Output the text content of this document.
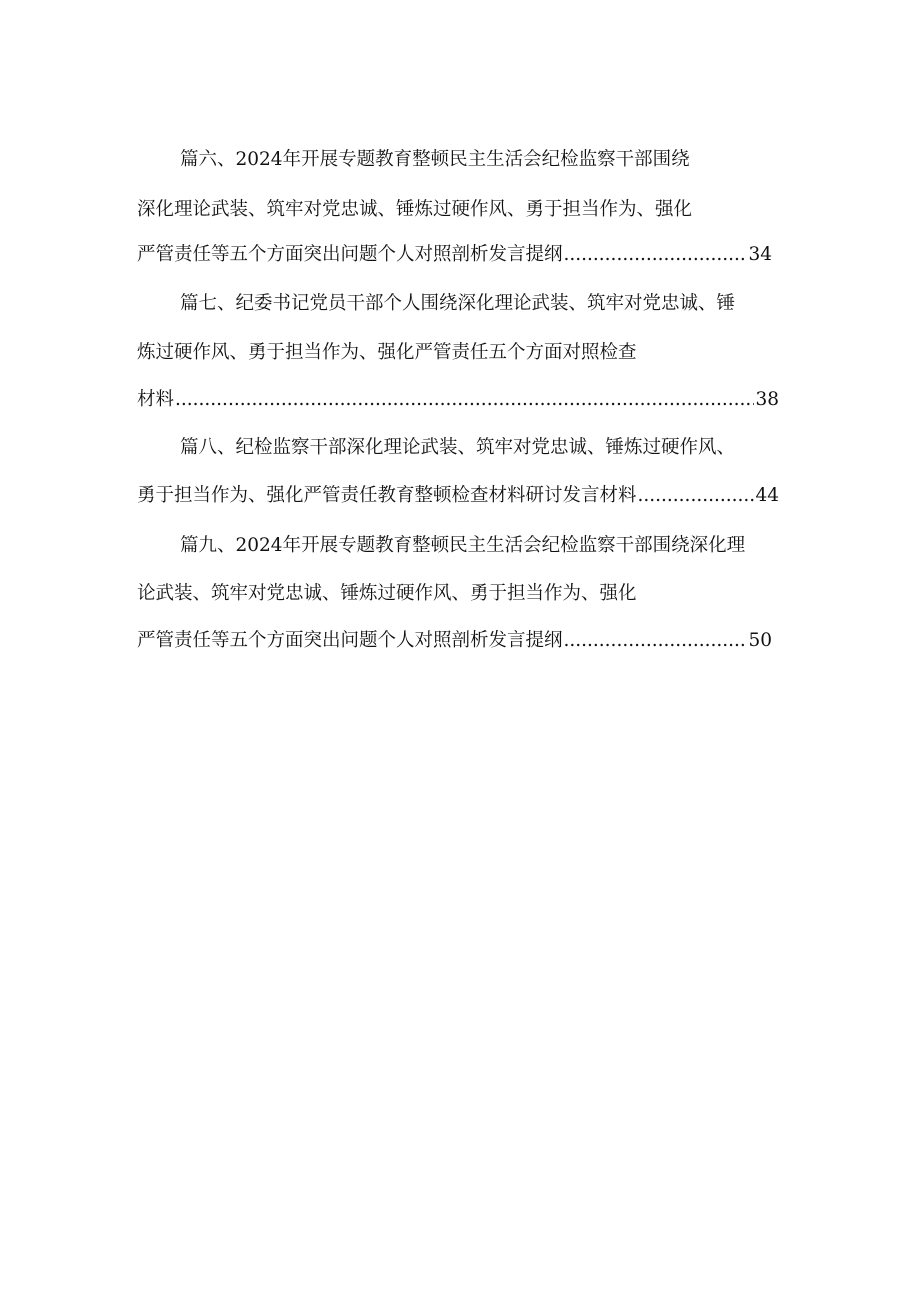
篇六、2024年开展专题教育整顿民主生活会纪检监察干部围绕
深化理论武装、筑牢对党忠诚、锤炼过硬作风、勇于担当作为、强化
严管责任等五个方面突出问题个人对照剖析发言提纲 .....	34
篇七、纪委书记党员干部个人围绕深化理论武装、筑牢对党忠诚、锤
炼过硬作风、勇于担当作为、强化严管责任五个方面对照检查
材料 .....	38
篇八、纪检监察干部深化理论武装、筑牢对党忠诚、锤炼过硬作风、
勇于担当作为、强化严管责任教育整顿检查材料研讨发言材料 .....	44
篇九、2024年开展专题教育整顿民主生活会纪检监察干部围绕深化理
论武装、筑牢对党忠诚、锤炼过硬作风、勇于担当作为、强化
严管责任等五个方面突出问题个人对照剖析发言提纲 .....	50
